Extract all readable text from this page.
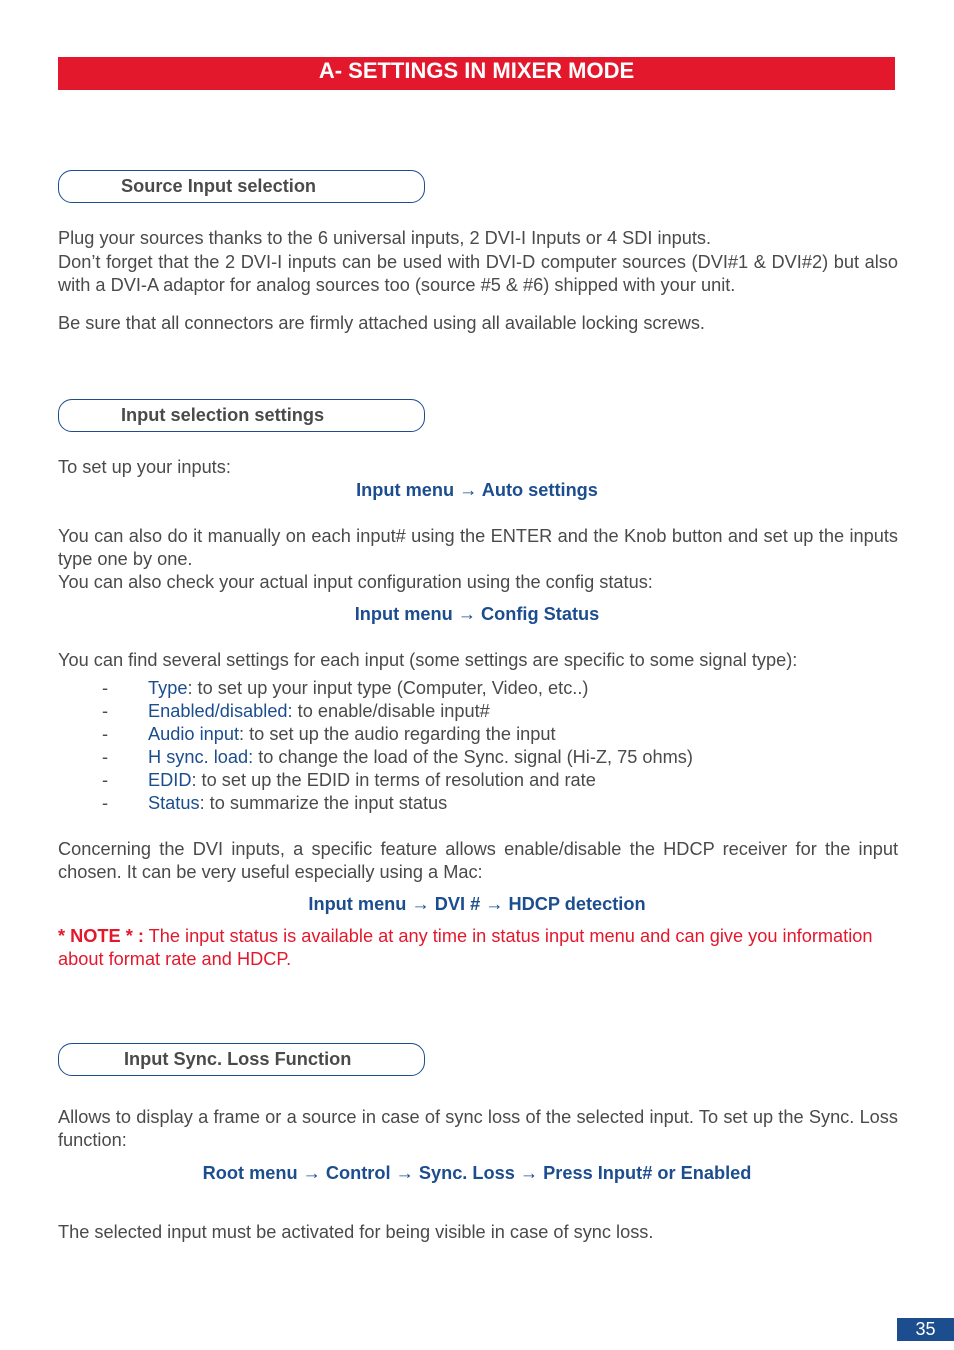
A- SETTINGS IN MIXER MODE
Source Input selection

Plug your sources thanks to the 6 universal inputs, 2 DVI-I Inputs or 4 SDI inputs.

Don’t forget that the 2 DVI-I inputs can be used with DVI-D computer sources (DVI#1 & DVI#2) but also with a DVI-A adaptor for analog sources too (source #5 & #6) shipped with your unit.

Be sure that all connectors are firmly attached using all available locking screws.

Input selection settings

To set up your inputs:

Input menu → Auto settings

You can also do it manually on each input# using the ENTER and the Knob button and set up the inputs type one by one.

You can also check your actual input configuration using the config status:

Input menu → Config Status

You can find several settings for each input (some settings are specific to some signal type):

- Type: to set up your input type (Computer, Video, etc..)
- Enabled/disabled: to enable/disable input#
- Audio input: to set up the audio regarding the input
- H sync. load: to change the load of the Sync. signal (Hi-Z, 75 ohms)
- EDID: to set up the EDID in terms of resolution and rate
- Status: to summarize the input status

Concerning the DVI inputs, a specific feature allows enable/disable the HDCP receiver for the input chosen. It can be very useful especially using a Mac:

Input menu → DVI # → HDCP detection

* NOTE * : The input status is available at any time in status input menu and can give you information about format rate and HDCP.

Input Sync. Loss Function

Allows to display a frame or a source in case of sync loss of the selected input. To set up the Sync. Loss function:

Root menu → Control → Sync. Loss → Press Input# or Enabled

The selected input must be activated for being visible in case of sync loss.

35
